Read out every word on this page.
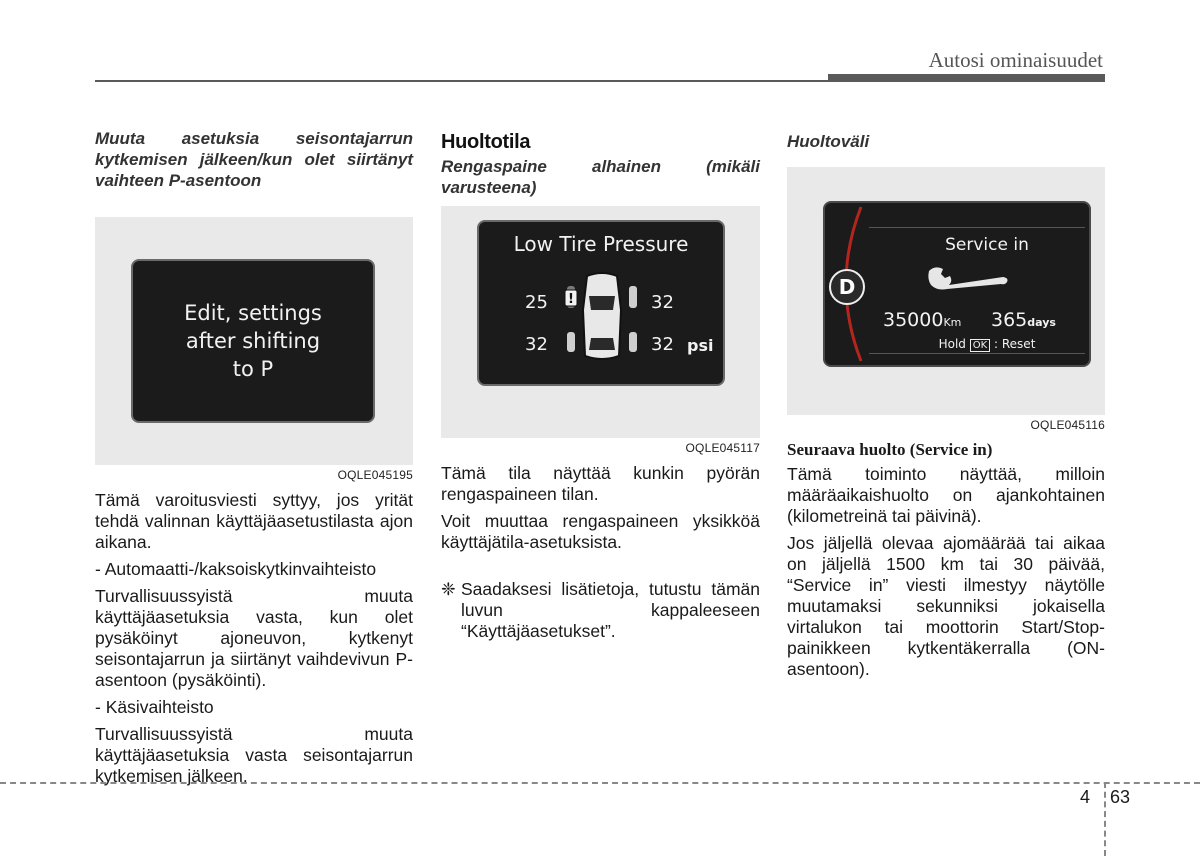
Autosi ominaisuudet

Muuta asetuksia seisontajarrun kytkemisen jälkeen/kun olet siirtänyt vaihteen P-asentoon

Edit, settings
after shifting
to P
OQLE045195

Tämä varoitusviesti syttyy, jos yrität tehdä valinnan käyttäjäasetustilasta ajon aikana.

- Automaatti-/kaksoiskytkinvaihteisto

Turvallisuussyistä muuta käyttäjäasetuksia vasta, kun olet pysäköinyt ajoneuvon, kytkenyt seisontajarrun ja siirtänyt vaihdevivun P-asentoon (pysäköinti).

- Käsivaihteisto

Turvallisuussyistä muuta käyttäjäasetuksia vasta seisontajarrun kytkemisen jälkeen.

Huoltotila

Rengaspaine alhainen (mikäli varusteena)

Low Tire Pressure
!
25	32
32	32 psi
OQLE045117

Tämä tila näyttää kunkin pyörän rengaspaineen tilan.

Voit muuttaa rengaspaineen yksikköä käyttäjätila-asetuksista.

❈ Saadaksesi lisätietoja, tutustu tämän luvun kappaleeseen “Käyttäjäasetukset”.

Huoltoväli

D
Service in
35000Km 365days
Hold OK : Reset
OQLE045116

Seuraava huolto (Service in)

Tämä toiminto näyttää, milloin määräaikaishuolto on ajankohtainen (kilometreinä tai päivinä).

Jos jäljellä olevaa ajomäärää tai aikaa on jäljellä 1500 km tai 30 päivää, “Service in” viesti ilmestyy näytölle muutamaksi sekunniksi jokaisella virtalukon tai moottorin Start/Stop-painikkeen kytkentäkerralla (ON-asentoon).

4 63
